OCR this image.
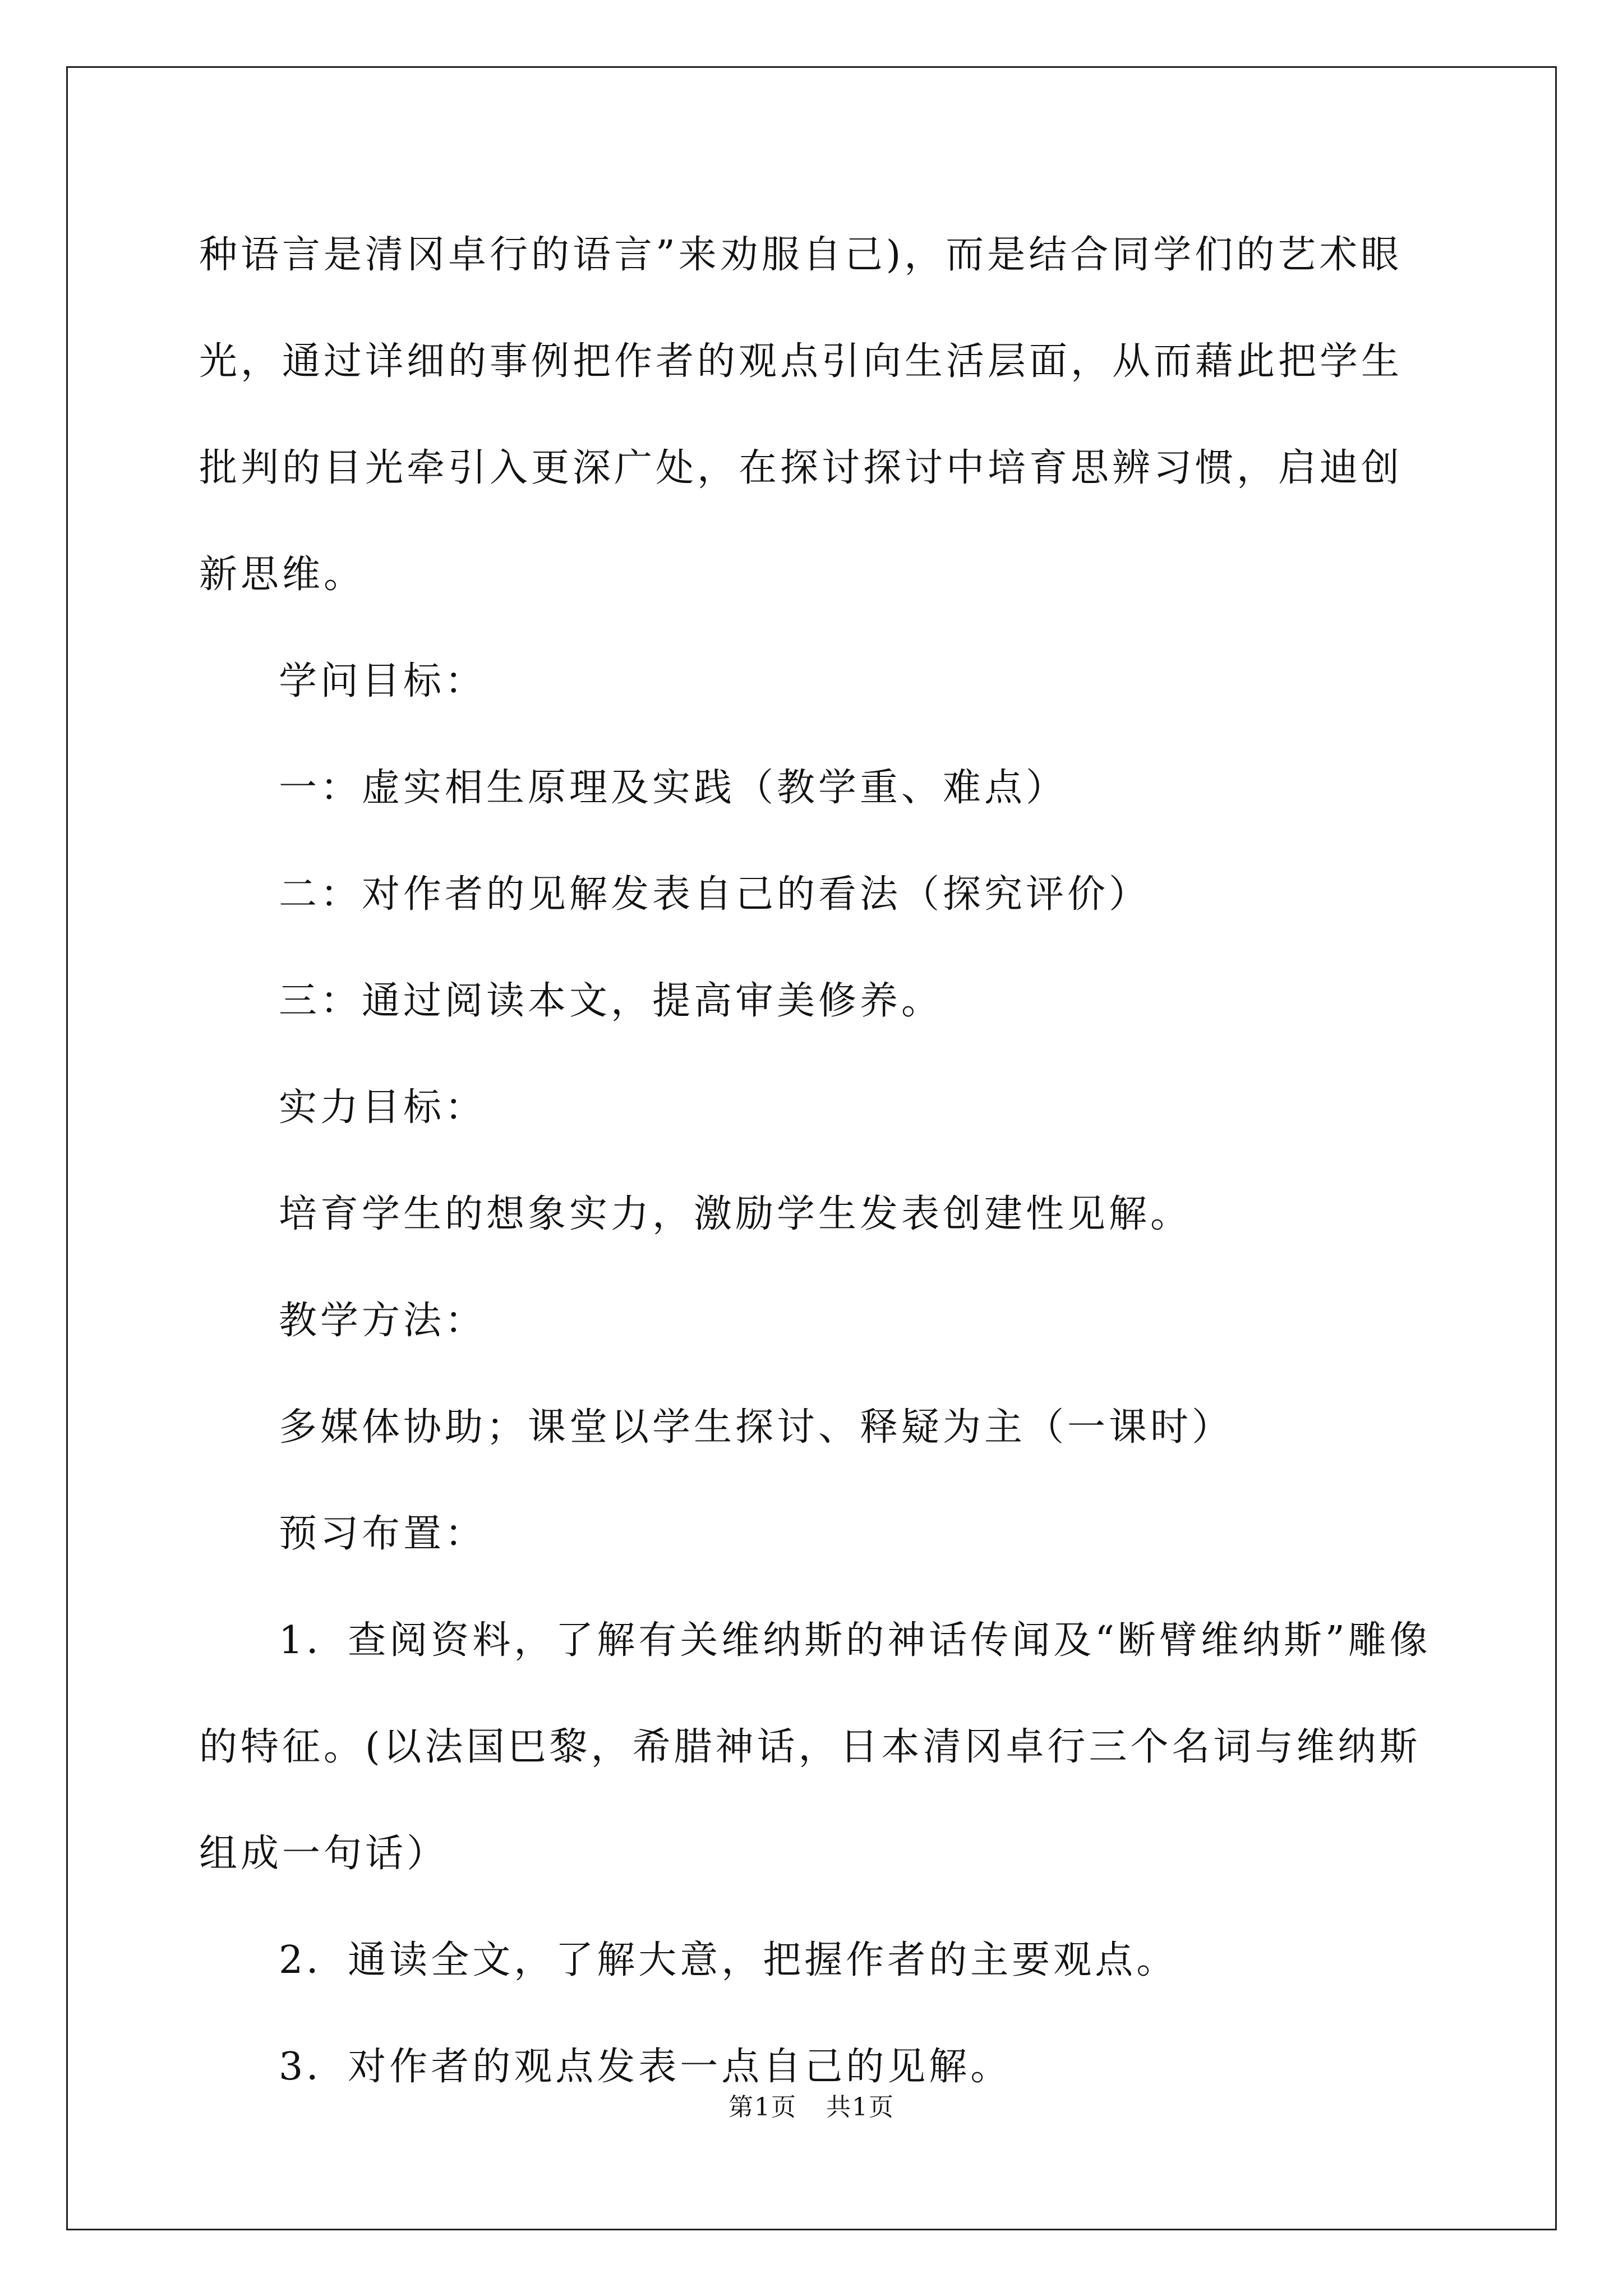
种语言是清冈卓行的语言”来劝服自己)，而是结合同学们的艺术眼光，通过详细的事例把作者的观点引向生活层面，从而藉此把学生批判的目光牵引入更深广处，在探讨探讨中培育思辨习惯，启迪创新思维。

学问目标：

一：虚实相生原理及实践（教学重、难点）

二：对作者的见解发表自己的看法（探究评价）

三：通过阅读本文，提高审美修养。

实力目标：

培育学生的想象实力，激励学生发表创建性见解。

教学方法：

多媒体协助；课堂以学生探讨、释疑为主（一课时）

预习布置：

1．查阅资料，了解有关维纳斯的神话传闻及“断臂维纳斯”雕像的特征。(以法国巴黎，希腊神话，日本清冈卓行三个名词与维纳斯组成一句话）

2．通读全文，了解大意，把握作者的主要观点。

3．对作者的观点发表一点自己的见解。

第1页 共1页
